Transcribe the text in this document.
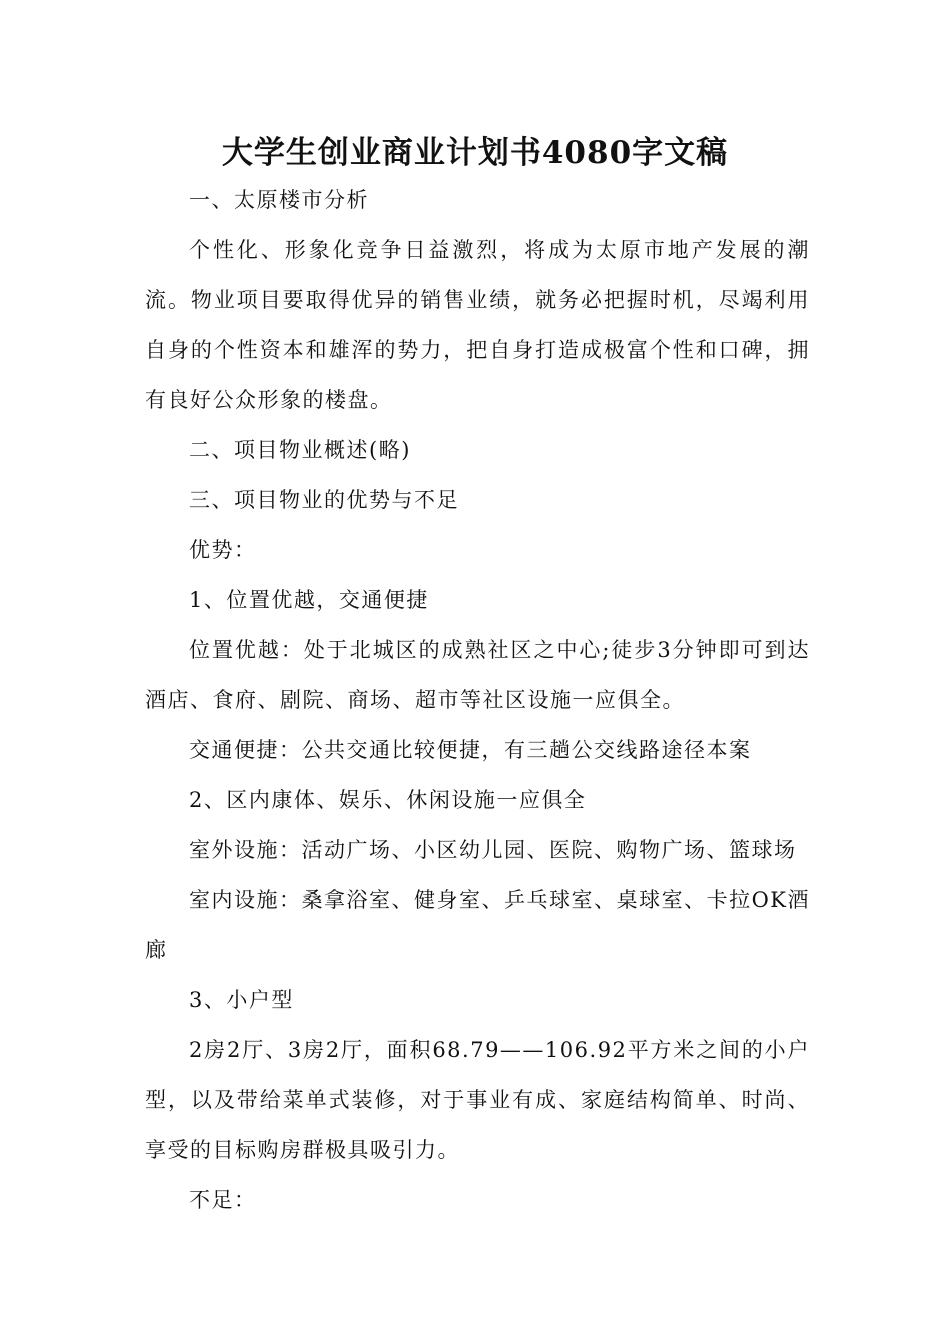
大学生创业商业计划书4080字文稿

一、太原楼市分析

个性化、形象化竞争日益激烈，将成为太原市地产发展的潮流。物业项目要取得优异的销售业绩，就务必把握时机，尽竭利用自身的个性资本和雄浑的势力，把自身打造成极富个性和口碑，拥有良好公众形象的楼盘。

二、项目物业概述(略)

三、项目物业的优势与不足

优势：

1、位置优越，交通便捷

位置优越：处于北城区的成熟社区之中心;徒步3分钟即可到达酒店、食府、剧院、商场、超市等社区设施一应俱全。

交通便捷：公共交通比较便捷，有三趟公交线路途径本案

2、区内康体、娱乐、休闲设施一应俱全

室外设施：活动广场、小区幼儿园、医院、购物广场、篮球场

室内设施：桑拿浴室、健身室、乒乓球室、桌球室、卡拉OK酒廊

3、小户型

2房2厅、3房2厅，面积68.79——106.92平方米之间的小户型，以及带给菜单式装修，对于事业有成、家庭结构简单、时尚、享受的目标购房群极具吸引力。

不足：
